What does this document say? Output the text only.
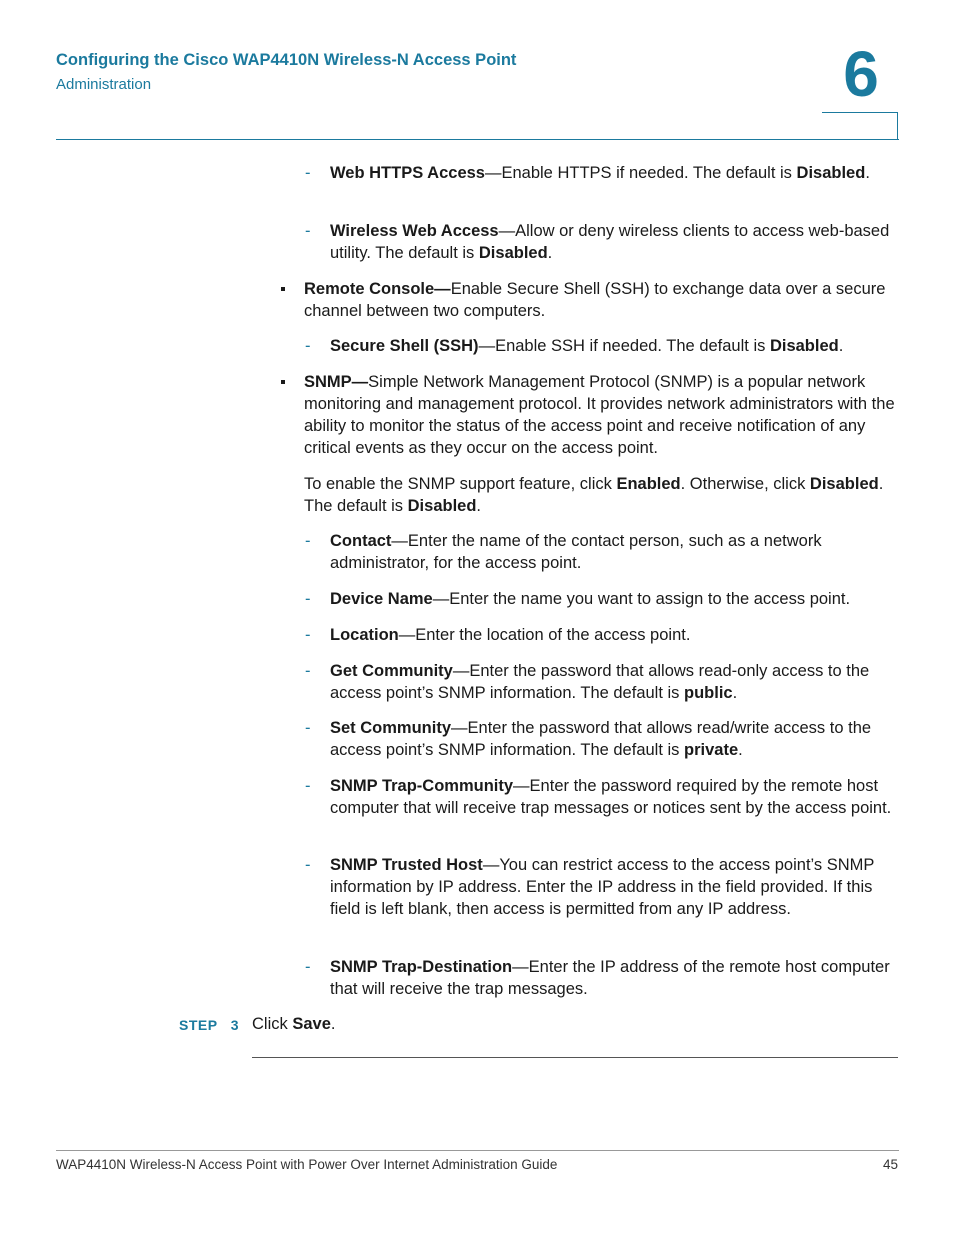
Configuring the Cisco WAP4410N Wireless-N Access Point
Administration	6
- Web HTTPS Access—Enable HTTPS if needed. The default is Disabled.
- Wireless Web Access—Allow or deny wireless clients to access web-based utility. The default is Disabled.
Remote Console—Enable Secure Shell (SSH) to exchange data over a secure channel between two computers.
- Secure Shell (SSH)—Enable SSH if needed. The default is Disabled.
SNMP—Simple Network Management Protocol (SNMP) is a popular network monitoring and management protocol. It provides network administrators with the ability to monitor the status of the access point and receive notification of any critical events as they occur on the access point.
To enable the SNMP support feature, click Enabled. Otherwise, click Disabled. The default is Disabled.
- Contact—Enter the name of the contact person, such as a network administrator, for the access point.
- Device Name—Enter the name you want to assign to the access point.
- Location—Enter the location of the access point.
- Get Community—Enter the password that allows read-only access to the access point’s SNMP information. The default is public.
- Set Community—Enter the password that allows read/write access to the access point’s SNMP information. The default is private.
- SNMP Trap-Community—Enter the password required by the remote host computer that will receive trap messages or notices sent by the access point.
- SNMP Trusted Host—You can restrict access to the access point’s SNMP information by IP address. Enter the IP address in the field provided. If this field is left blank, then access is permitted from any IP address.
- SNMP Trap-Destination—Enter the IP address of the remote host computer that will receive the trap messages.
STEP 3 Click Save.
WAP4410N Wireless-N Access Point with Power Over Internet Administration Guide	45
